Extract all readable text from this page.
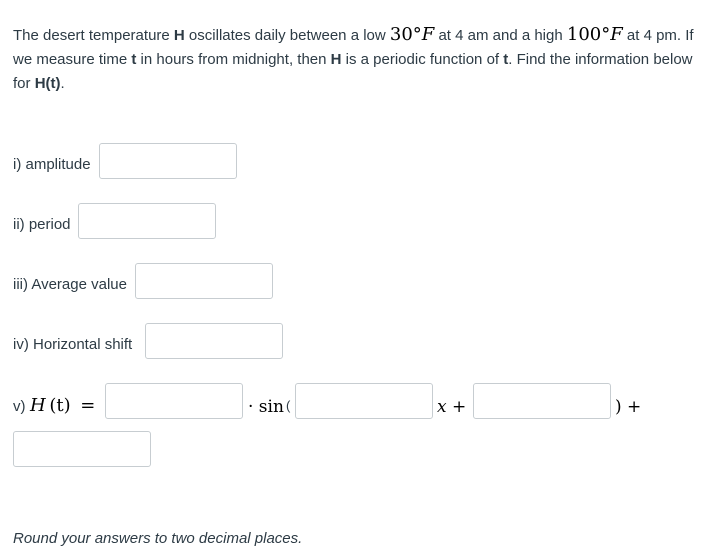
The desert temperature H oscillates daily between a low 30°F at 4 am and a high 100°F at 4 pm. If we measure time t in hours from midnight, then H is a periodic function of t. Find the information below for H(t).
i) amplitude
ii) period
iii) Average value
iv) Horizontal shift
v) H  (t)  =	· sin (	x +	) +
Round your answers to two decimal places.
